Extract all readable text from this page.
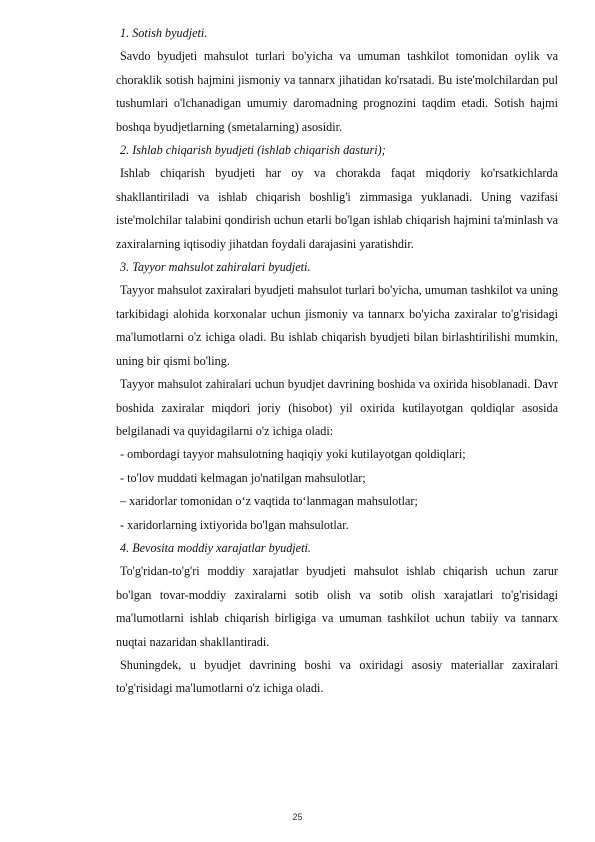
1. Sotish byudjeti.

Savdo byudjeti mahsulot turlari bo'yicha va umuman tashkilot tomonidan oylik va choraklik sotish hajmini jismoniy va tannarx jihatidan ko'rsatadi. Bu iste'molchilardan pul tushumlari o'lchanadigan umumiy daromadning prognozini taqdim etadi. Sotish hajmi boshqa byudjetlarning (smetalarning) asosidir.

2. Ishlab chiqarish byudjeti (ishlab chiqarish dasturi);

Ishlab chiqarish byudjeti har oy va chorakda faqat miqdoriy ko'rsatkichlarda shakllantiriladi va ishlab chiqarish boshlig'i zimmasiga yuklanadi. Uning vazifasi iste'molchilar talabini qondirish uchun etarli bo'lgan ishlab chiqarish hajmini ta'minlash va zaxiralarning iqtisodiy jihatdan foydali darajasini yaratishdir.

3. Tayyor mahsulot zahiralari byudjeti.

Tayyor mahsulot zaxiralari byudjeti mahsulot turlari bo'yicha, umuman tashkilot va uning tarkibidagi alohida korxonalar uchun jismoniy va tannarx bo'yicha zaxiralar to'g'risidagi ma'lumotlarni o'z ichiga oladi. Bu ishlab chiqarish byudjeti bilan birlashtirilishi mumkin, uning bir qismi bo'ling.

Tayyor mahsulot zahiralari uchun byudjet davrining boshida va oxirida hisoblanadi. Davr boshida zaxiralar miqdori joriy (hisobot) yil oxirida kutilayotgan qoldiqlar asosida belgilanadi va quyidagilarni o'z ichiga oladi:

- ombordagi tayyor mahsulotning haqiqiy yoki kutilayotgan qoldiqlari;

- to'lov muddati kelmagan jo'natilgan mahsulotlar;

– xaridorlar tomonidan o‘z vaqtida to‘lanmagan mahsulotlar;

- xaridorlarning ixtiyorida bo'lgan mahsulotlar.

4. Bevosita moddiy xarajatlar byudjeti.

To'g'ridan-to'g'ri moddiy xarajatlar byudjeti mahsulot ishlab chiqarish uchun zarur bo'lgan tovar-moddiy zaxiralarni sotib olish va sotib olish xarajatlari to'g'risidagi ma'lumotlarni ishlab chiqarish birligiga va umuman tashkilot uchun tabiiy va tannarx nuqtai nazaridan shakllantiradi.

Shuningdek, u byudjet davrining boshi va oxiridagi asosiy materiallar zaxiralari to'g'risidagi ma'lumotlarni o'z ichiga oladi.

25
